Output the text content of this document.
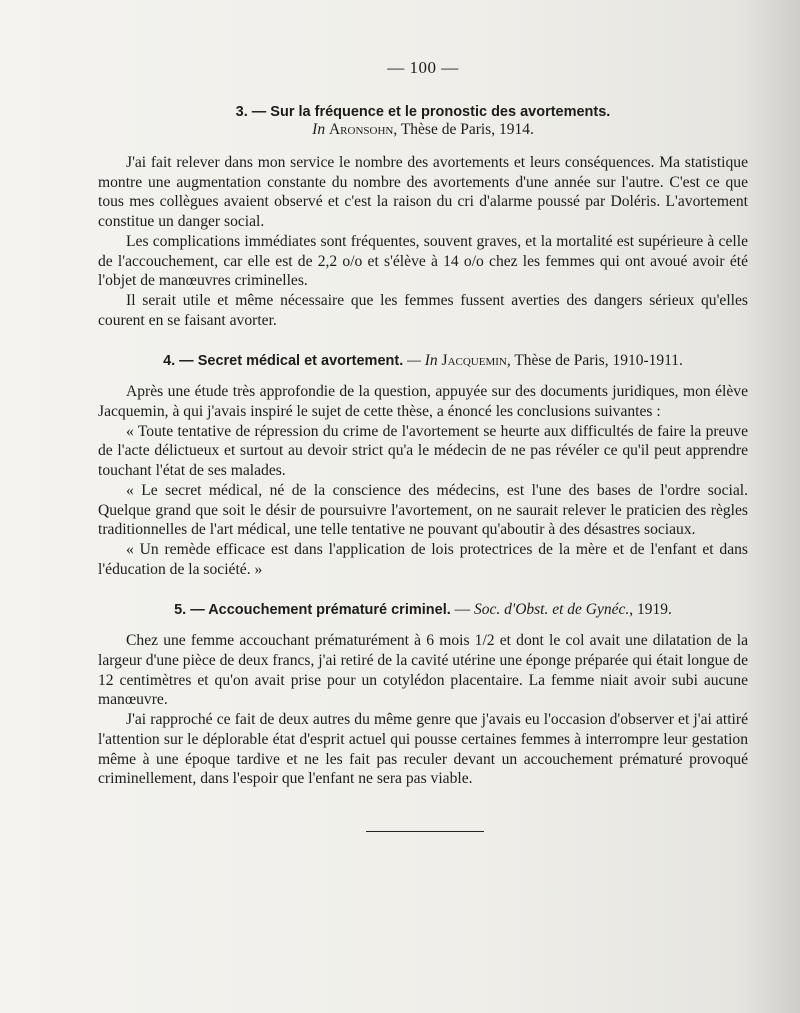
— 100 —
3. — Sur la fréquence et le pronostic des avortements.
In Aronsohn, Thèse de Paris, 1914.

J'ai fait relever dans mon service le nombre des avortements et leurs conséquences. Ma statistique montre une augmentation constante du nombre des avortements d'une année sur l'autre. C'est ce que tous mes collègues avaient observé et c'est la raison du cri d'alarme poussé par Doléris. L'avortement constitue un danger social.

Les complications immédiates sont fréquentes, souvent graves, et la mortalité est supérieure à celle de l'accouchement, car elle est de 2,2 o/o et s'élève à 14 o/o chez les femmes qui ont avoué avoir été l'objet de manœuvres criminelles.

Il serait utile et même nécessaire que les femmes fussent averties des dangers sérieux qu'elles courent en se faisant avorter.

4. — Secret médical et avortement. — In Jacquemin, Thèse de Paris, 1910-1911.

Après une étude très approfondie de la question, appuyée sur des documents juridiques, mon élève Jacquemin, à qui j'avais inspiré le sujet de cette thèse, a énoncé les conclusions suivantes :

« Toute tentative de répression du crime de l'avortement se heurte aux difficultés de faire la preuve de l'acte délictueux et surtout au devoir strict qu'a le médecin de ne pas révéler ce qu'il peut apprendre touchant l'état de ses malades.

« Le secret médical, né de la conscience des médecins, est l'une des bases de l'ordre social. Quelque grand que soit le désir de poursuivre l'avortement, on ne saurait relever le praticien des règles traditionnelles de l'art médical, une telle tentative ne pouvant qu'aboutir à des désastres sociaux.

« Un remède efficace est dans l'application de lois protectrices de la mère et de l'enfant et dans l'éducation de la société. »

5. — Accouchement prématuré criminel. — Soc. d'Obst. et de Gynéc., 1919.

Chez une femme accouchant prématurément à 6 mois 1/2 et dont le col avait une dilatation de la largeur d'une pièce de deux francs, j'ai retiré de la cavité utérine une éponge préparée qui était longue de 12 centimètres et qu'on avait prise pour un cotylédon placentaire. La femme niait avoir subi aucune manœuvre.

J'ai rapproché ce fait de deux autres du même genre que j'avais eu l'occasion d'observer et j'ai attiré l'attention sur le déplorable état d'esprit actuel qui pousse certaines femmes à interrompre leur gestation même à une époque tardive et ne les fait pas reculer devant un accouchement prématuré provoqué criminellement, dans l'espoir que l'enfant ne sera pas viable.
